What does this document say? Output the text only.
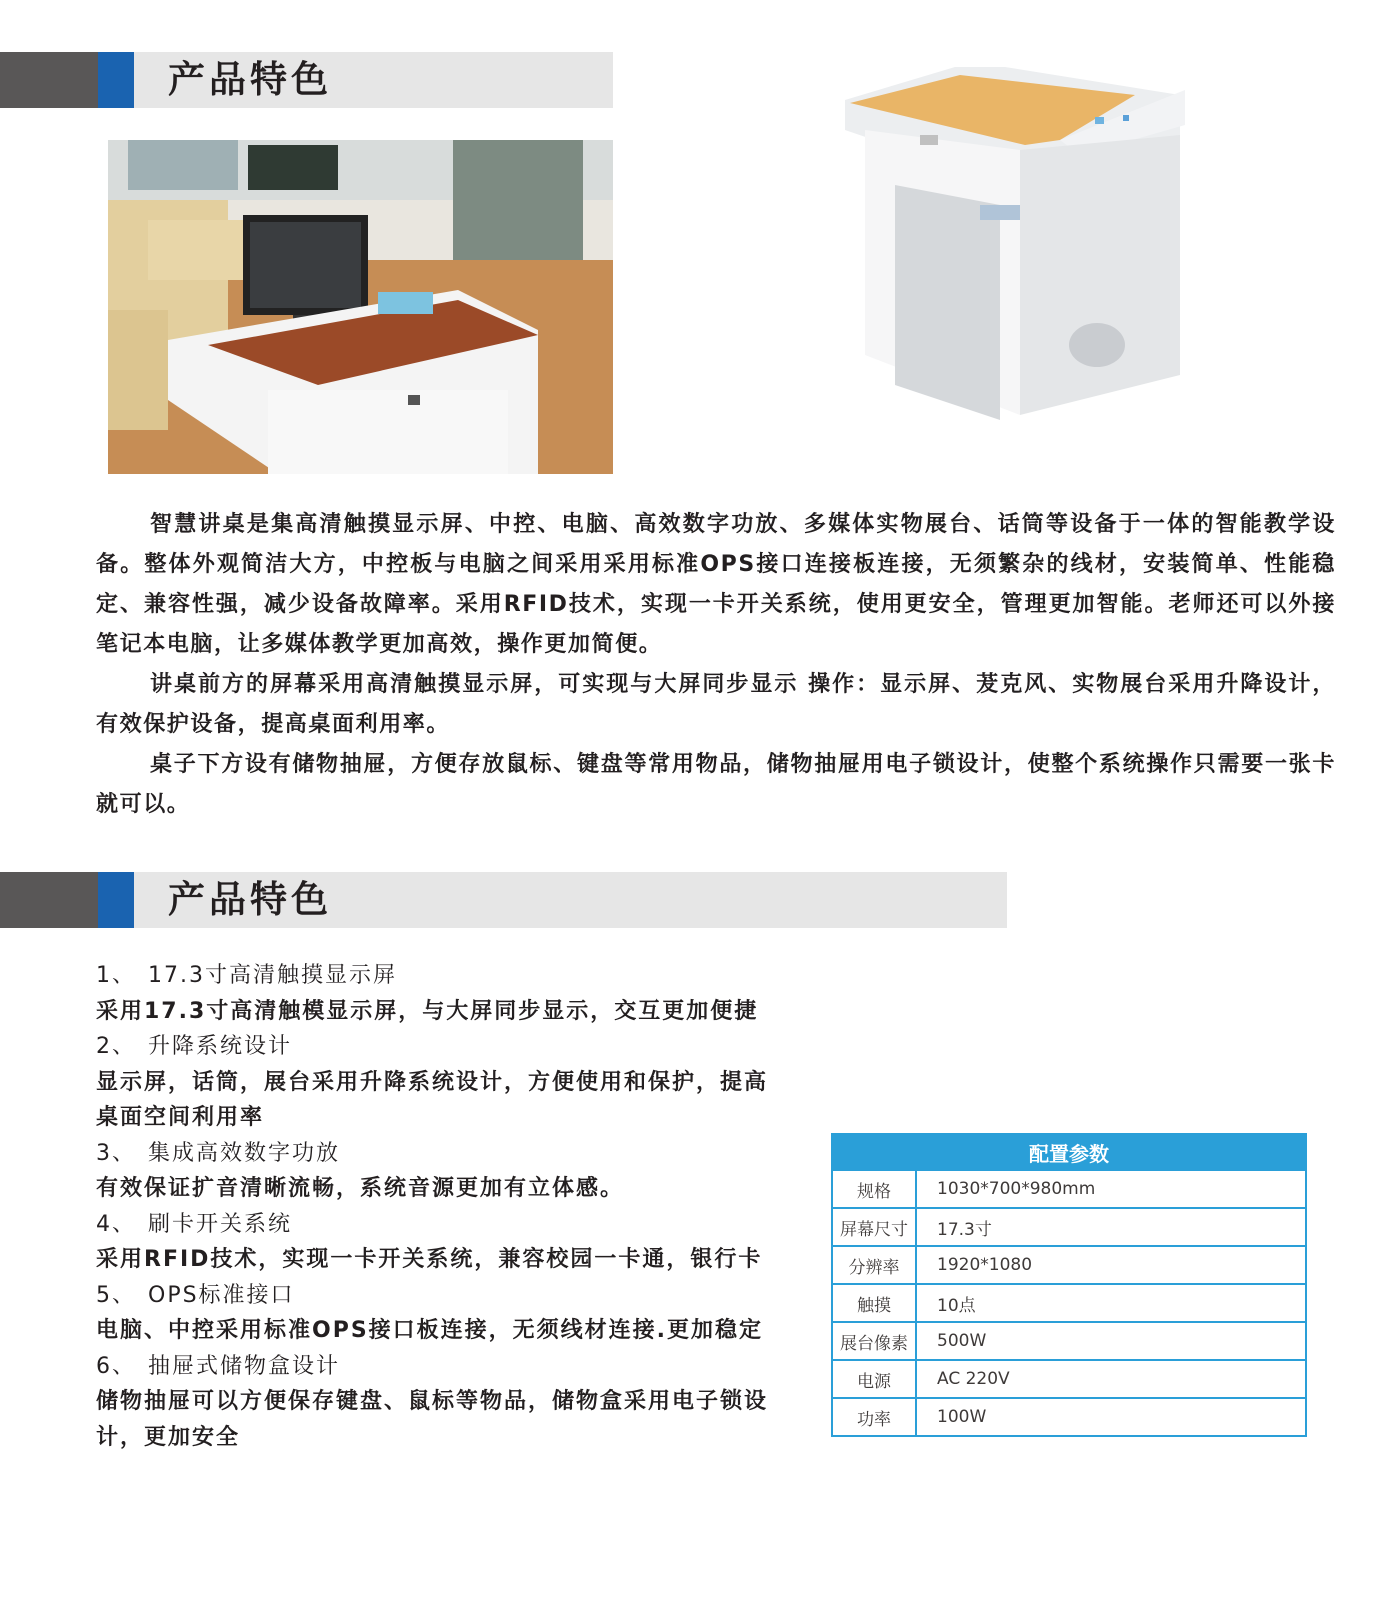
产品特色

智慧讲桌是集高清触摸显示屏、中控、电脑、高效数字功放、多媒体实物展台、话筒等设备于一体的智能教学设备。整体外观简洁大方，中控板与电脑之间采用采用标准OPS接口连接板连接，无须繁杂的线材，安装简单、性能稳定、兼容性强，减少设备故障率。采用RFID技术，实现一卡开关系统，使用更安全，管理更加智能。老师还可以外接笔记本电脑，让多媒体教学更加高效，操作更加简便。

讲桌前方的屏幕采用高清触摸显示屏，可实现与大屏同步显示 操作：显示屏、茇克风、实物展台采用升降设计，有效保护设备，提高桌面利用率。

桌子下方设有储物抽屉，方便存放鼠标、键盘等常用物品，储物抽屉用电子锁设计，使整个系统操作只需要一张卡就可以。

产品特色

1、 17.3寸高清触摸显示屏

采用17.3寸高清触模显示屏，与大屏同步显示，交互更加便捷

2、 升降系统设计

显示屏，话筒，展台采用升降系统设计，方便使用和保护，提高桌面空间利用率

3、 集成高效数字功放

有效保证扩音清晰流畅，系统音源更加有立体感。

4、 刷卡开关系统

采用RFID技术，实现一卡开关系统，兼容校园一卡通，银行卡

5、 OPS标准接口

电脑、中控采用标准OPS接口板连接，无须线材连接.更加稳定

6、 抽屉式储物盒设计

储物抽屉可以方便保存键盘、鼠标等物品，储物盒采用电子锁设计，更加安全

配置参数	
规格	1030*700*980mm
屏幕尺寸	17.3寸
分辨率	1920*1080
触摸	10点
展台像素	500W
电源	AC 220V
功率	100W
